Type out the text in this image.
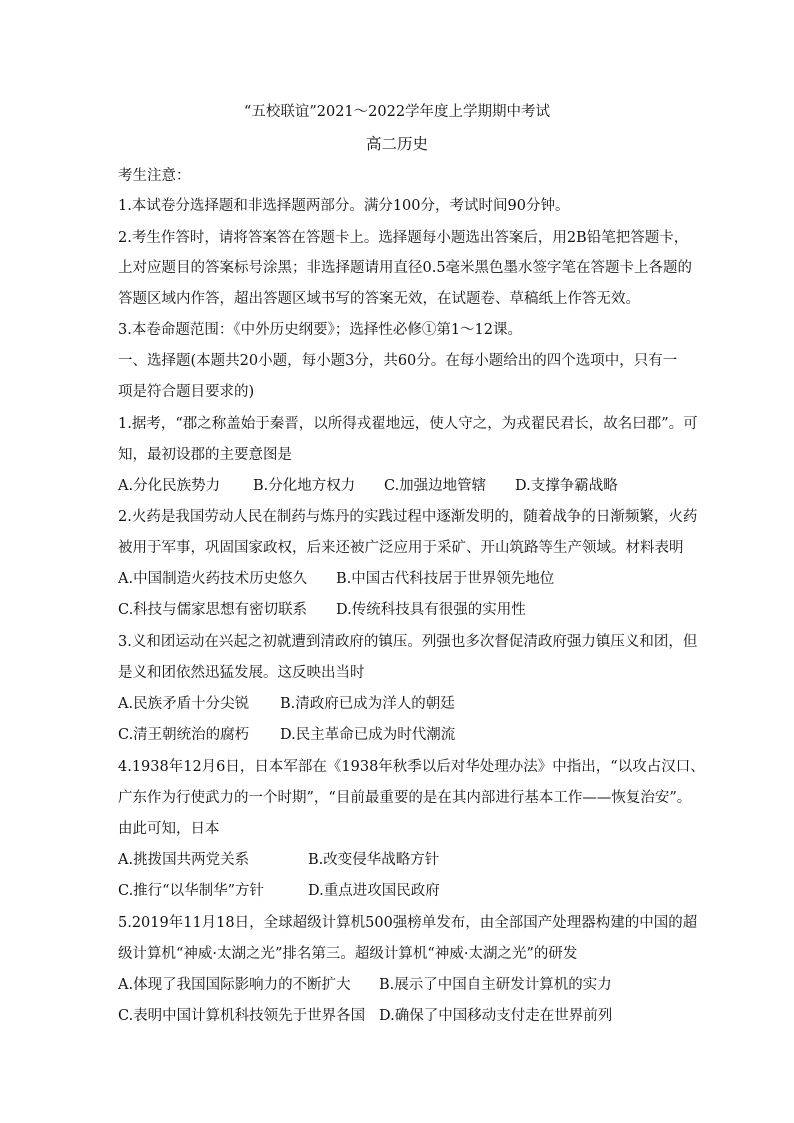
“五校联谊”2021～2022学年度上学期期中考试
高二历史
考生注意：
1.本试卷分选择题和非选择题两部分。满分100分，考试时间90分钟。
2.考生作答时，请将答案答在答题卡上。选择题每小题选出答案后，用2B铅笔把答题卡，
上对应题目的答案标号涂黑；非选择题请用直径0.5毫米黑色墨水签字笔在答题卡上各题的
答题区域内作答，超出答题区域书写的答案无效，在试题卷、草稿纸上作答无效。
3.本卷命题范围：《中外历史纲要》；选择性必修①第1～12课。
一、选择题(本题共20小题，每小题3分，共60分。在每小题给出的四个选项中，只有一
项是符合题目要求的)
1.据考，“郡之称盖始于秦晋，以所得戎翟地远，使人守之，为戎翟民君长，故名曰郡”。可
知，最初设郡的主要意图是
A.分化民族势力 B.分化地方权力 C.加强边地管辖 D.支撑争霸战略
2.火药是我国劳动人民在制药与炼丹的实践过程中逐渐发明的，随着战争的日渐频繁，火药
被用于军事，巩固国家政权，后来还被广泛应用于采矿、开山筑路等生产领域。材料表明
A.中国制造火药技术历史悠久 B.中国古代科技居于世界领先地位
C.科技与儒家思想有密切联系 D.传统科技具有很强的实用性
3.义和团运动在兴起之初就遭到清政府的镇压。列强也多次督促清政府强力镇压义和团，但
是义和团依然迅猛发展。这反映出当时
A.民族矛盾十分尖锐 B.清政府已成为洋人的朝廷
C.清王朝统治的腐朽 D.民主革命已成为时代潮流
4.1938年12月6日，日本军部在《1938年秋季以后对华处理办法》中指出，“以攻占汉口、
广东作为行使武力的一个时期”，“目前最重要的是在其内部进行基本工作——恢复治安”。
由此可知，日本
A.挑拨国共两党关系	B.改变侵华战略方针
C.推行“以华制华”方针	D.重点进攻国民政府
5.2019年11月18日，全球超级计算机500强榜单发布，由全部国产处理器构建的中国的超
级计算机“神威·太湖之光”排名第三。超级计算机“神威·太湖之光”的研发
A.体现了我国国际影响力的不断扩大 B.展示了中国自主研发计算机的实力
C.表明中国计算机科技领先于世界各国 D.确保了中国移动支付走在世界前列
